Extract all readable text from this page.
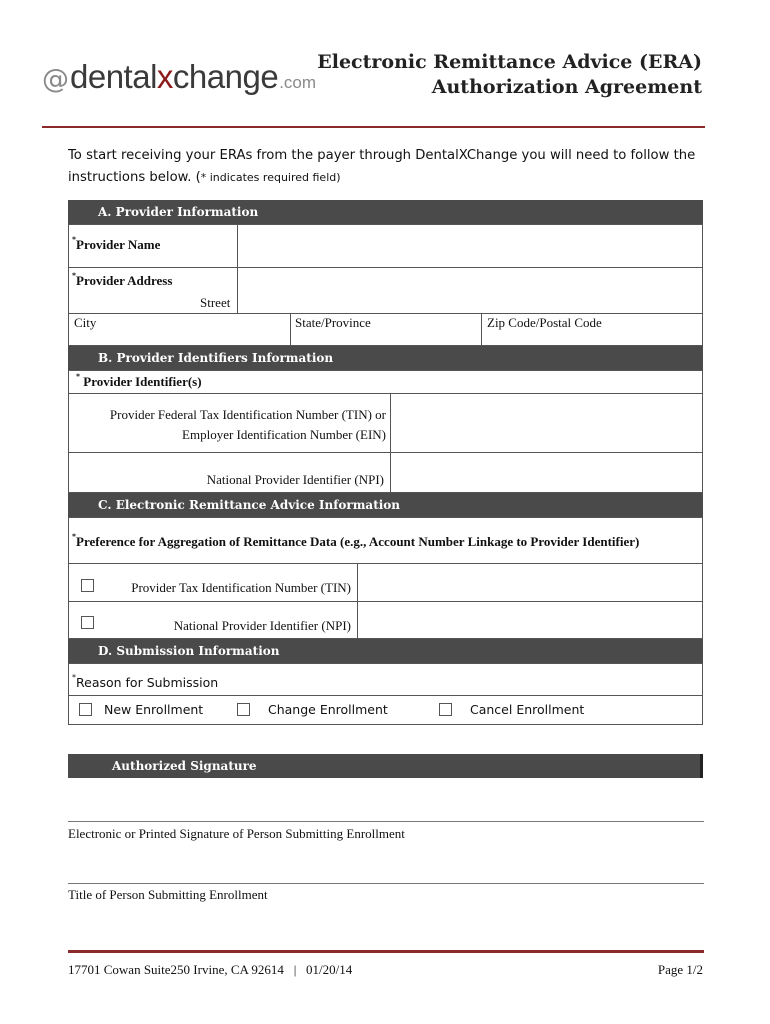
@ dental x change .com
Electronic Remittance Advice (ERA)
Authorization Agreement
To start receiving your ERAs from the payer through DentalXChange you will need to follow the
instructions below. (* indicates required field)
A. Provider Information
*Provider Name
*Provider Address
Street
City	State/Province	Zip Code/Postal Code
B. Provider Identifiers Information
* Provider Identifier(s)
Provider Federal Tax Identification Number (TIN) or
Employer Identification Number (EIN)
National Provider Identifier (NPI)
C. Electronic Remittance Advice Information
*Preference for Aggregation of Remittance Data (e.g., Account Number Linkage to Provider Identifier)
Provider Tax Identification Number (TIN)
National Provider Identifier (NPI)
D. Submission Information
*Reason for Submission
New Enrollment	Change Enrollment	Cancel Enrollment
Authorized Signature
Electronic or Printed Signature of Person Submitting Enrollment
Title of Person Submitting Enrollment
17701 Cowan Suite250 Irvine, CA 92614 | 01/20/14	Page 1/2
